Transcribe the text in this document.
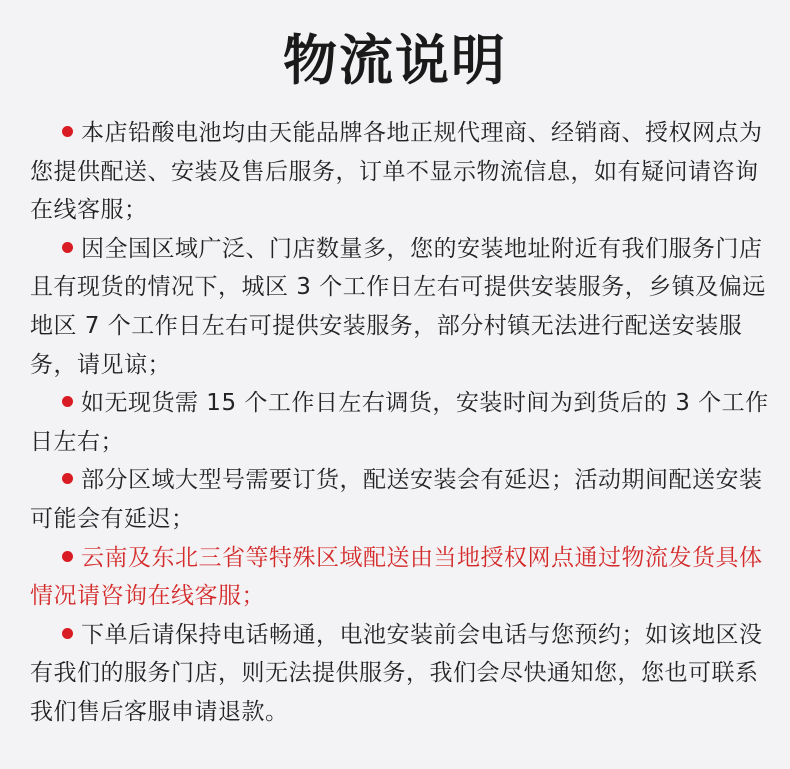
物流说明

本店铅酸电池均由天能品牌各地正规代理商、经销商、授权网点为您提供配送、安装及售后服务，订单不显示物流信息，如有疑问请咨询在线客服；

因全国区域广泛、门店数量多，您的安装地址附近有我们服务门店且有现货的情况下，城区 3 个工作日左右可提供安装服务，乡镇及偏远地区 7 个工作日左右可提供安装服务，部分村镇无法进行配送安装服务，请见谅；

如无现货需 15 个工作日左右调货，安装时间为到货后的 3 个工作日左右；

部分区域大型号需要订货，配送安装会有延迟；活动期间配送安装可能会有延迟；

云南及东北三省等特殊区域配送由当地授权网点通过物流发货具体情况请咨询在线客服；

下单后请保持电话畅通，电池安装前会电话与您预约；如该地区没有我们的服务门店，则无法提供服务，我们会尽快通知您，您也可联系我们售后客服申请退款。
